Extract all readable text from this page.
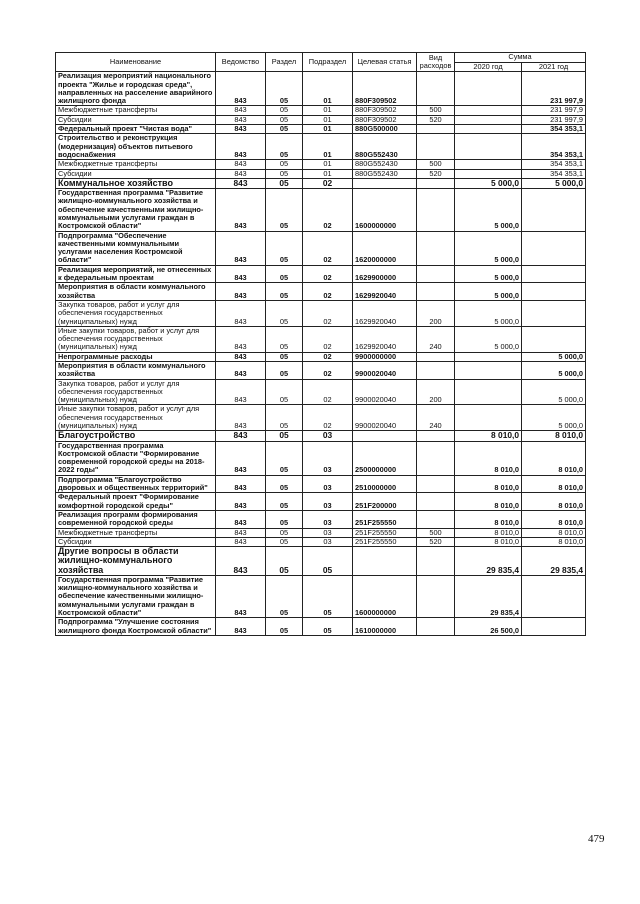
Наименование	Ведомство	Раздел	Подраздел	Целевая статья	Вид расходов	Сумма	
						2020 год	2021 год
Реализация мероприятий национального проекта "Жилье и городская среда", направленных на расселение аварийного жилищного фонда	843	05	01	880F309502			231 997,9
Межбюджетные трансферты	843	05	01	880F309502	500		231 997,9
Субсидии	843	05	01	880F309502	520		231 997,9
Федеральный проект "Чистая вода"	843	05	01	880G500000			354 353,1
Строительство и реконструкция (модернизация) объектов питьевого водоснабжения	843	05	01	880G552430			354 353,1
Межбюджетные трансферты	843	05	01	880G552430	500		354 353,1
Субсидии	843	05	01	880G552430	520		354 353,1
Коммунальное хозяйство	843	05	02			5 000,0	5 000,0
Государственная программа "Развитие жилищно-коммунального хозяйства и обеспечение качественными жилищно-коммунальными услугами граждан в Костромской области"	843	05	02	1600000000		5 000,0	
Подпрограмма "Обеспечение качественными коммунальными услугами населения Костромской области"	843	05	02	1620000000		5 000,0	
Реализация мероприятий, не отнесенных к федеральным проектам	843	05	02	1629900000		5 000,0	
Мероприятия в области коммунального хозяйства	843	05	02	1629920040		5 000,0	
Закупка товаров, работ и услуг для обеспечения государственных (муниципальных) нужд	843	05	02	1629920040	200	5 000,0	
Иные закупки товаров, работ и услуг для обеспечения государственных (муниципальных) нужд	843	05	02	1629920040	240	5 000,0	
Непрограммные расходы	843	05	02	9900000000			5 000,0
Мероприятия в области коммунального хозяйства	843	05	02	9900020040			5 000,0
Закупка товаров, работ и услуг для обеспечения государственных (муниципальных) нужд	843	05	02	9900020040	200		5 000,0
Иные закупки товаров, работ и услуг для обеспечения государственных (муниципальных) нужд	843	05	02	9900020040	240		5 000,0
Благоустройство	843	05	03			8 010,0	8 010,0
Государственная программа Костромской области "Формирование современной городской среды на 2018-2022 годы"	843	05	03	2500000000		8 010,0	8 010,0
Подпрограмма "Благоустройство дворовых и общественных территорий"	843	05	03	2510000000		8 010,0	8 010,0
Федеральный проект "Формирование комфортной городской среды"	843	05	03	251F200000		8 010,0	8 010,0
Реализация программ формирования современной городской среды	843	05	03	251F255550		8 010,0	8 010,0
Межбюджетные трансферты	843	05	03	251F255550	500	8 010,0	8 010,0
Субсидии	843	05	03	251F255550	520	8 010,0	8 010,0
Другие вопросы в области жилищно-коммунального хозяйства	843	05	05			29 835,4	29 835,4
Государственная программа "Развитие жилищно-коммунального хозяйства и обеспечение качественными жилищно-коммунальными услугами граждан в Костромской области"	843	05	05	1600000000		29 835,4	
Подпрограмма "Улучшение состояния жилищного фонда Костромской области"	843	05	05	1610000000		26 500,0	
479
